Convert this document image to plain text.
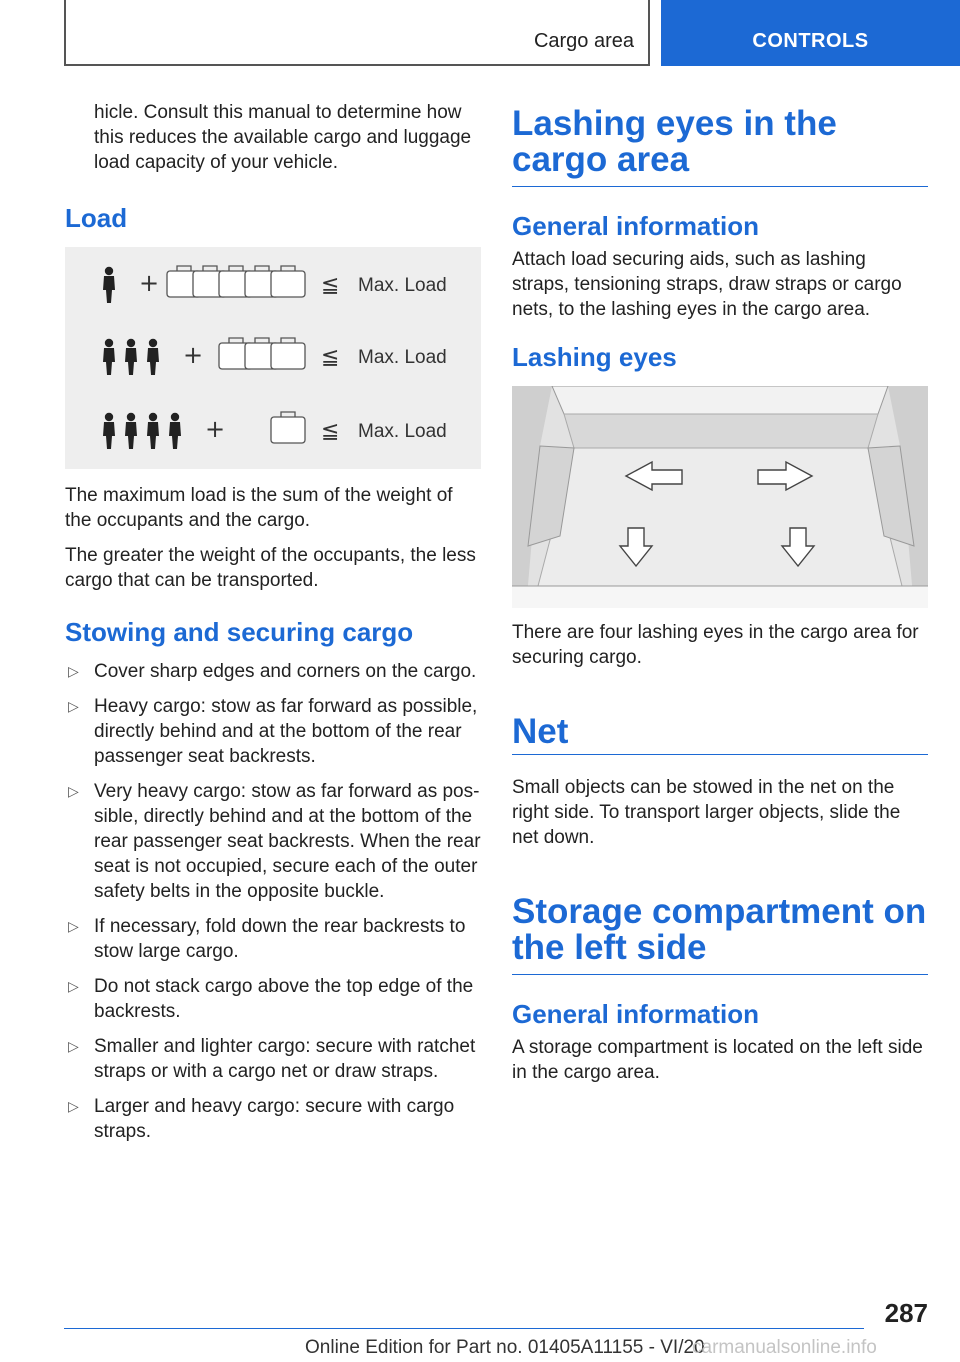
Cargo area	CONTROLS

hicle. Consult this manual to determine how this reduces the available cargo and luggage load capacity of your vehicle.

Load
+	≦ Max. Load
+	≦ Max. Load
+	≦ Max. Load

The maximum load is the sum of the weight of the occupants and the cargo.

The greater the weight of the occupants, the less cargo that can be transported.

Stowing and securing cargo
▷ Cover sharp edges and corners on the cargo.
▷ Heavy cargo: stow as far forward as possible, directly behind and at the bottom of the rear passenger seat backrests.
▷ Very heavy cargo: stow as far forward as pos‐sible, directly behind and at the bottom of the rear passenger seat backrests. When the rear seat is not occupied, secure each of the outer safety belts in the opposite buckle.
▷ If necessary, fold down the rear backrests to stow large cargo.
▷ Do not stack cargo above the top edge of the backrests.
▷ Smaller and lighter cargo: secure with ratchet straps or with a cargo net or draw straps.
▷ Larger and heavy cargo: secure with cargo straps.
Lashing eyes in the cargo area
General information

Attach load securing aids, such as lashing straps, tensioning straps, draw straps or cargo nets, to the lashing eyes in the cargo area.

Lashing eyes

There are four lashing eyes in the cargo area for securing cargo.

Net

Small objects can be stowed in the net on the right side. To transport larger objects, slide the net down.

Storage compartment on the left side
General information

A storage compartment is located on the left side in the cargo area.

287
Online Edition for Part no. 01405A11155 - VI/20
carmanualsonline.info
